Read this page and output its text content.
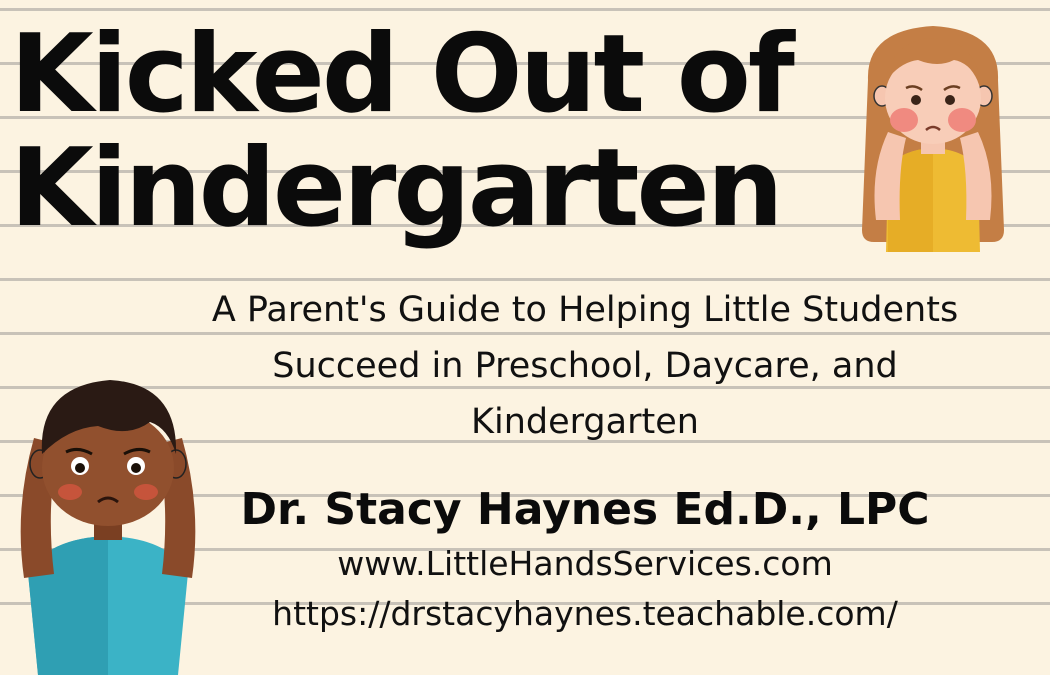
Kicked Out of
Kindergarten

A Parent's Guide to Helping Little Students Succeed in Preschool, Daycare, and Kindergarten

Dr. Stacy Haynes Ed.D., LPC

www.LittleHandsServices.com

https://drstacyhaynes.teachable.com/
